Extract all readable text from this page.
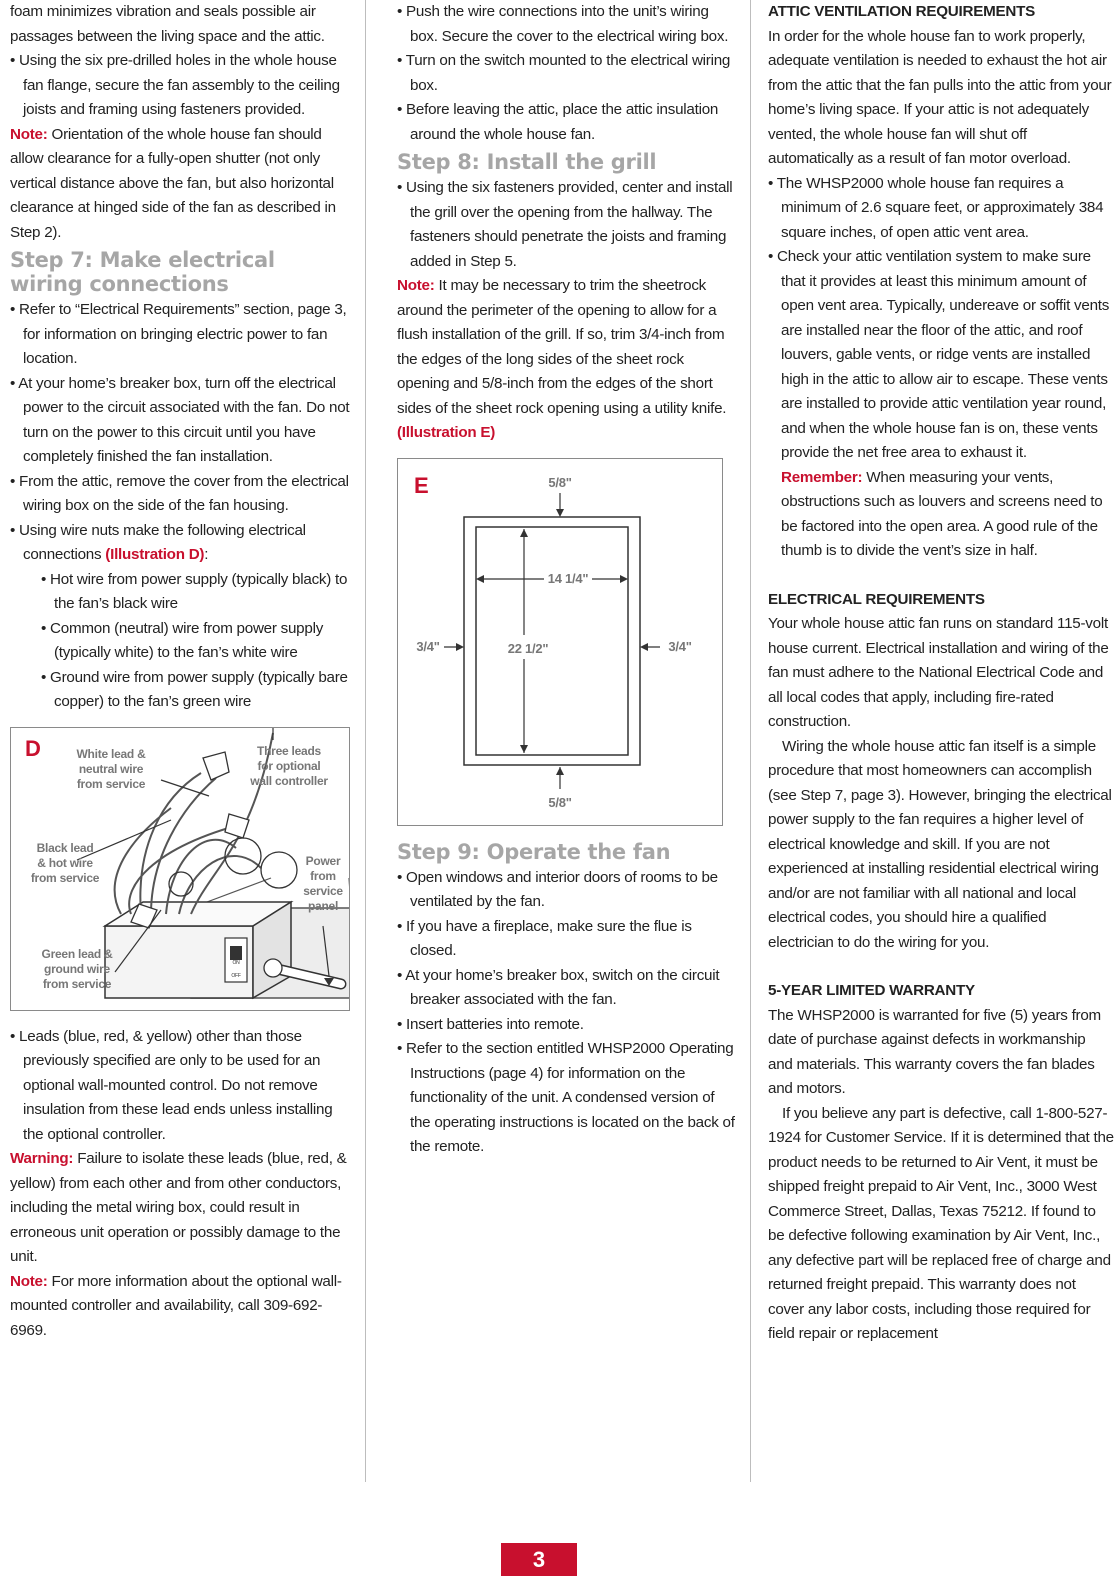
foam minimizes vibration and seals possible air passages between the living space and the attic.

• Using the six pre-drilled holes in the whole house fan flange, secure the fan assembly to the ceiling joists and framing using fasteners provided.

Note: Orientation of the whole house fan should allow clearance for a fully-open shutter (not only vertical distance above the fan, but also horizontal clearance at hinged side of the fan as described in Step 2).

Step 7: Make electrical wiring connections

• Refer to “Electrical Requirements” section, page 3, for information on bringing electric power to fan location.

• At your home’s breaker box, turn off the electrical power to the circuit associated with the fan. Do not turn on the power to this circuit until you have completely finished the fan installation.

• From the attic, remove the cover from the electrical wiring box on the side of the fan housing.

• Using wire nuts make the following electrical connections (Illustration D):

• Hot wire from power supply (typically black) to the fan’s black wire

• Common (neutral) wire from power supply (typically white) to the fan’s white wire

• Ground wire from power supply (typically bare copper) to the fan’s green wire

D
ON
OFF
White lead &
neutral wire
from service
Three leads
for optional
wall controller
Black lead
& hot wire
from service
Power
from
service
panel
Green lead &
ground wire
from service

• Leads (blue, red, & yellow) other than those previously specified are only to be used for an optional wall-mounted control. Do not remove insulation from these lead ends unless installing the optional controller.

Warning: Failure to isolate these leads (blue, red, & yellow) from each other and from other conductors, including the metal wiring box, could result in erroneous unit operation or possibly damage to the unit.

Note: For more information about the optional wall-mounted controller and availability, call 309-692-6969.

• Push the wire connections into the unit’s wiring box. Secure the cover to the electrical wiring box.

• Turn on the switch mounted to the electrical wiring box.

• Before leaving the attic, place the attic insulation around the whole house fan.

Step 8: Install the grill

• Using the six fasteners provided, center and install the grill over the opening from the hallway. The fasteners should penetrate the joists and framing added in Step 5.

Note: It may be necessary to trim the sheetrock around the perimeter of the opening to allow for a flush installation of the grill. If so, trim 3/4-inch from the edges of the long sides of the sheet rock opening and 5/8-inch from the edges of the short sides of the sheet rock opening using a utility knife.
(Illustration E)

E	5/8"
5/8"
3/4"	3/4"
14 1/4"
22 1/2"
Step 9: Operate the fan

• Open windows and interior doors of rooms to be ventilated by the fan.

• If you have a fireplace, make sure the flue is closed.

• At your home’s breaker box, switch on the circuit breaker associated with the fan.

• Insert batteries into remote.

• Refer to the section entitled WHSP2000 Operating Instructions (page 4) for information on the functionality of the unit. A condensed version of the operating instructions is located on the back of the remote.

ATTIC VENTILATION REQUIREMENTS

In order for the whole house fan to work properly, adequate ventilation is needed to exhaust the hot air from the attic that the fan pulls into the attic from your home’s living space. If your attic is not adequately vented, the whole house fan will shut off automatically as a result of fan motor overload.

• The WHSP2000 whole house fan requires a minimum of 2.6 square feet, or approximately 384 square inches, of open attic vent area.

• Check your attic ventilation system to make sure that it provides at least this minimum amount of open vent area. Typically, undereave or soffit vents are installed near the floor of the attic, and roof louvers, gable vents, or ridge vents are installed high in the attic to allow air to escape. These vents are installed to provide attic ventilation year round, and when the whole house fan is on, these vents provide the net free area to exhaust it.

Remember: When measuring your vents, obstructions such as louvers and screens need to be factored into the open area. A good rule of the thumb is to divide the vent’s size in half.

ELECTRICAL REQUIREMENTS

Your whole house attic fan runs on standard 115-volt house current. Electrical installation and wiring of the fan must adhere to the National Electrical Code and all local codes that apply, including fire-rated construction.

Wiring the whole house attic fan itself is a simple procedure that most homeowners can accomplish (see Step 7, page 3). However, bringing the electrical power supply to the fan requires a higher level of electrical knowledge and skill. If you are not experienced at installing residential electrical wiring and/or are not familiar with all national and local electrical codes, you should hire a qualified electrician to do the wiring for you.

5-YEAR LIMITED WARRANTY

The WHSP2000 is warranted for five (5) years from date of purchase against defects in workmanship and materials. This warranty covers the fan blades and motors.

If you believe any part is defective, call 1-800-527-1924 for Customer Service. If it is determined that the product needs to be returned to Air Vent, it must be shipped freight prepaid to Air Vent, Inc., 3000 West Commerce Street, Dallas, Texas 75212. If found to be defective following examination by Air Vent, Inc., any defective part will be replaced free of charge and returned freight prepaid. This warranty does not cover any labor costs, including those required for field repair or replacement

3
